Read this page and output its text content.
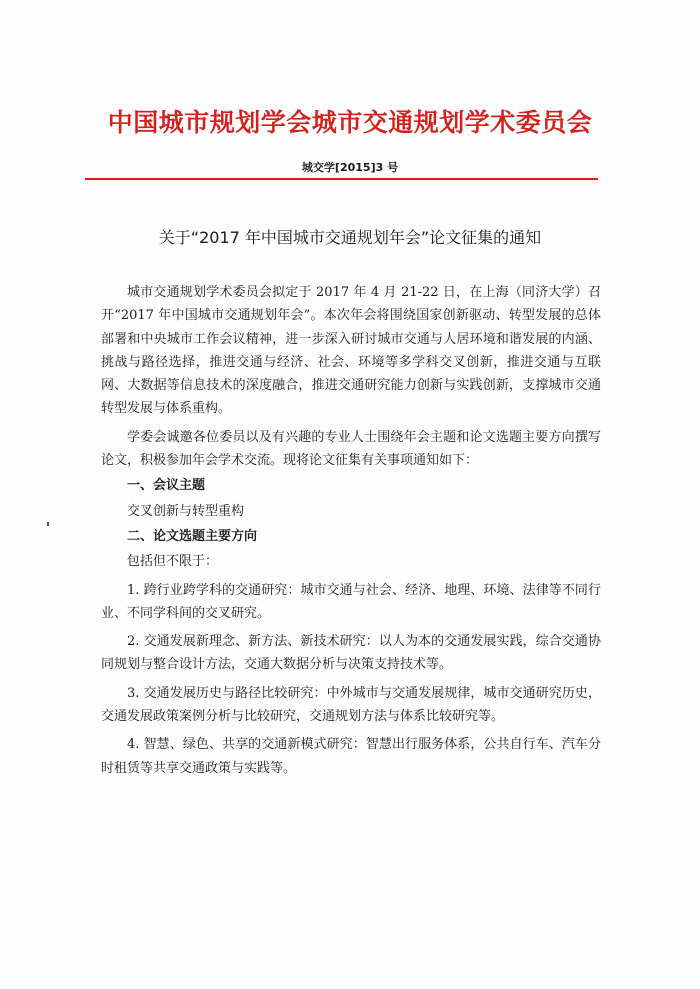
中国城市规划学会城市交通规划学术委员会
城交学[2015]3 号
关于“2017 年中国城市交通规划年会”论文征集的通知

城市交通规划学术委员会拟定于 2017 年 4 月 21-22 日，在上海（同济大学）召开“2017 年中国城市交通规划年会”。本次年会将围绕国家创新驱动、转型发展的总体部署和中央城市工作会议精神，进一步深入研讨城市交通与人居环境和谐发展的内涵、挑战与路径选择，推进交通与经济、社会、环境等多学科交叉创新，推进交通与互联网、大数据等信息技术的深度融合，推进交通研究能力创新与实践创新，支撑城市交通转型发展与体系重构。

学委会诚邀各位委员以及有兴趣的专业人士围绕年会主题和论文选题主要方向撰写论文，积极参加年会学术交流。现将论文征集有关事项通知如下：

一、会议主题

交叉创新与转型重构

二、论文选题主要方向

包括但不限于：

1. 跨行业跨学科的交通研究：城市交通与社会、经济、地理、环境、法律等不同行业、不同学科间的交叉研究。

2. 交通发展新理念、新方法、新技术研究：以人为本的交通发展实践，综合交通协同规划与整合设计方法，交通大数据分析与决策支持技术等。

3. 交通发展历史与路径比较研究：中外城市与交通发展规律，城市交通研究历史，交通发展政策案例分析与比较研究，交通规划方法与体系比较研究等。

4. 智慧、绿色、共享的交通新模式研究：智慧出行服务体系，公共自行车、汽车分时租赁等共享交通政策与实践等。
